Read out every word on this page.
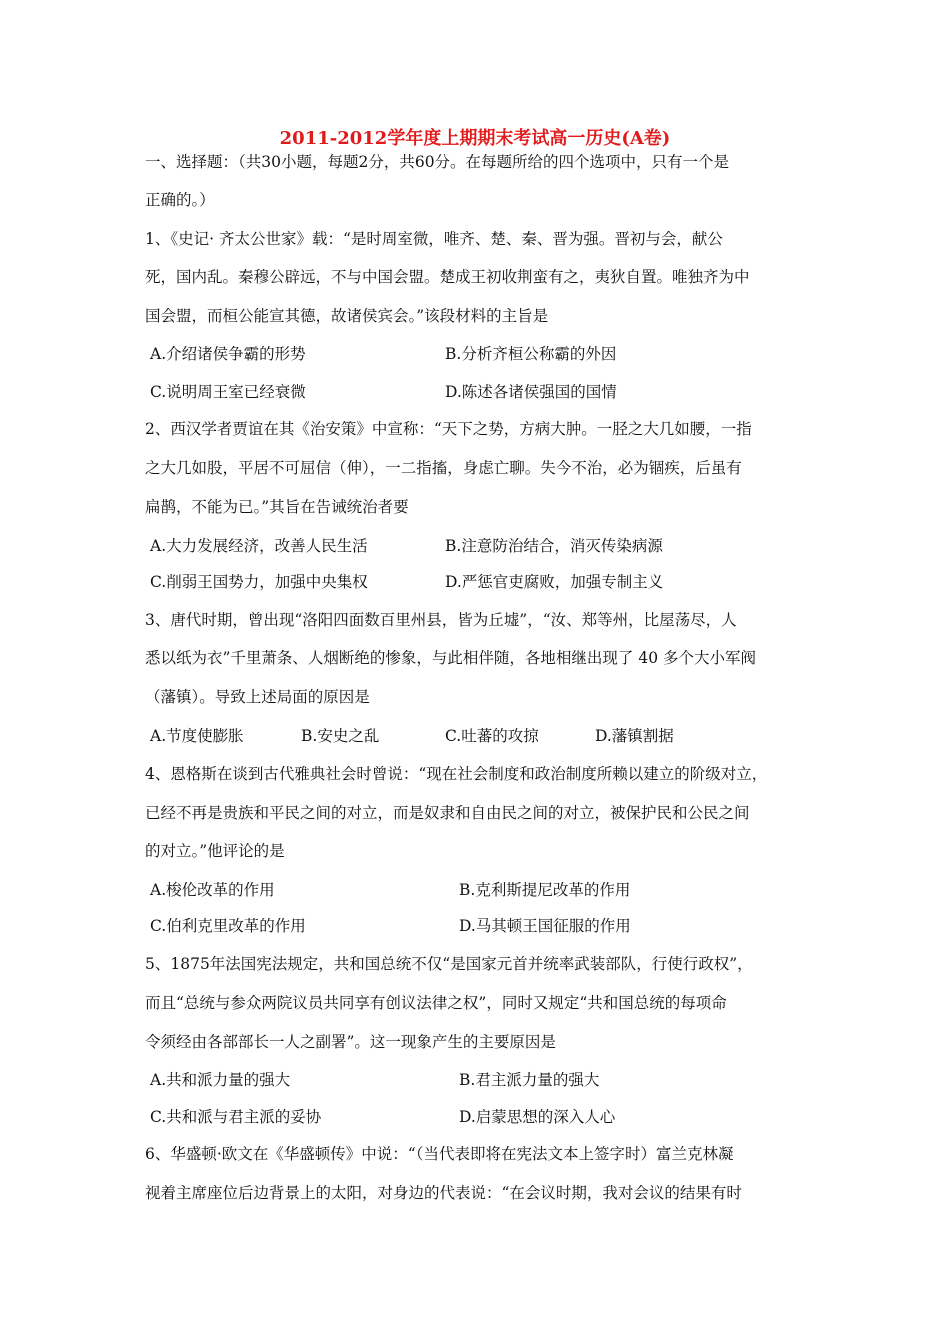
2011-2012学年度上期期末考试高一历史(A卷)
一、选择题：（共30小题，每题2分，共60分。在每题所给的四个选项中，只有一个是
正确的。）
1、《史记· 齐太公世家》载：“是时周室微，唯齐、楚、秦、晋为强。晋初与会，献公
死，国内乱。秦穆公辟远，不与中国会盟。楚成王初收荆蛮有之，夷狄自置。唯独齐为中
国会盟，而桓公能宣其德，故诸侯宾会。”该段材料的主旨是
A.介绍诸侯争霸的形势	B.分析齐桓公称霸的外因
C.说明周王室已经衰微	D.陈述各诸侯强国的国情
2、西汉学者贾谊在其《治安策》中宣称：“天下之势，方病大肿。一胫之大几如腰，一指
之大几如股，平居不可屈信（伸），一二指搐，身虑亡聊。失今不治，必为锢疾，后虽有
扁鹊，不能为已。”其旨在告诫统治者要
A.大力发展经济，改善人民生活	B.注意防治结合，消灭传染病源
C.削弱王国势力，加强中央集权	D.严惩官吏腐败，加强专制主义
3、唐代时期，曾出现“洛阳四面数百里州县，皆为丘墟”，“汝、郑等州，比屋荡尽，人
悉以纸为衣”千里萧条、人烟断绝的惨象，与此相伴随，各地相继出现了 40 多个大小军阀
（藩镇）。导致上述局面的原因是
A.节度使膨胀	B.安史之乱	C.吐蕃的攻掠	D.藩镇割据
4、恩格斯在谈到古代雅典社会时曾说：“现在社会制度和政治制度所赖以建立的阶级对立，
已经不再是贵族和平民之间的对立，而是奴隶和自由民之间的对立，被保护民和公民之间
的对立。”他评论的是
A.梭伦改革的作用	B.克利斯提尼改革的作用
C.伯利克里改革的作用	D.马其顿王国征服的作用
5、1875年法国宪法规定，共和国总统不仅“是国家元首并统率武装部队，行使行政权”，
而且“总统与参众两院议员共同享有创议法律之权”，同时又规定“共和国总统的每项命
令须经由各部部长一人之副署”。这一现象产生的主要原因是
A.共和派力量的强大	B.君主派力量的强大
C.共和派与君主派的妥协	D.启蒙思想的深入人心
6、华盛顿·欧文在《华盛顿传》中说：“（当代表即将在宪法文本上签字时）富兰克林凝
视着主席座位后边背景上的太阳，对身边的代表说：“在会议时期，我对会议的结果有时
